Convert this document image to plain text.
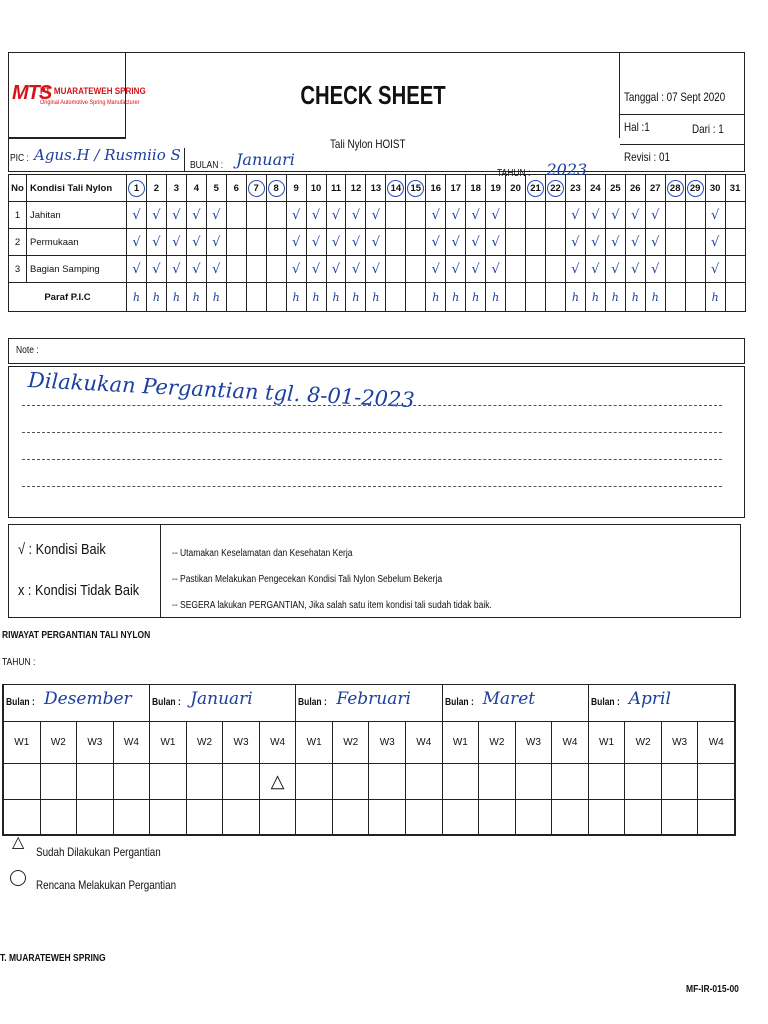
MTS
PT. MUARATEWEH SPRING
Original Automotive Spring Manufacturer	CHECK SHEET
Tali Nylon HOIST
Tanggal : 07 Sept 2020
Hal :1	Dari : 1
Revisi : 01
PIC : Agus.H / Rusmiio S
BULAN : Januari

		TAHUN : 2023																														

No	Kondisi Tali Nylon	1	2	3	4	5	6	7	8	9	10	11	12	13	14	15	16	17	18	19	20	21	22	23	24	25	26	27	28	29	30	31
1	Jahitan	√	√	√	√	√				√	√	√	√	√			√	√	√	√				√	√	√	√	√			√	
2	Permukaan	√	√	√	√	√				√	√	√	√	√			√	√	√	√				√	√	√	√	√			√	
3	Bagian Samping	√	√	√	√	√				√	√	√	√	√			√	√	√	√				√	√	√	√	√			√	
Paraf P.I.C		h	h	h	h	h				h	h	h	h	h			h	h	h	h				h	h	h	h	h			h	
Note :
Dilakukan Pergantian tgl. 8-01-2023
√ : Kondisi Baik
x : Kondisi Tidak Baik
-- Utamakan Keselamatan dan Kesehatan Kerja
-- Pastikan Melakukan Pengecekan Kondisi Tali Nylon Sebelum Bekerja
-- SEGERA lakukan PERGANTIAN, Jika salah satu item kondisi tali sudah tidak baik.
RIWAYAT PERGANTIAN TALI NYLON
TAHUN :
Bulan : Desember				Bulan : Januari				Bulan : Februari				Bulan : Maret				Bulan : April			

W1	W2	W3	W4	W1	W2	W3	W4	W1	W2	W3	W4	W1	W2	W3	W4	W1	W2	W3	W4
							△												

△
Sudah Dilakukan Pergantian
Rencana Melakukan Pergantian
T. MUARATEWEH SPRING
MF-IR-015-00
